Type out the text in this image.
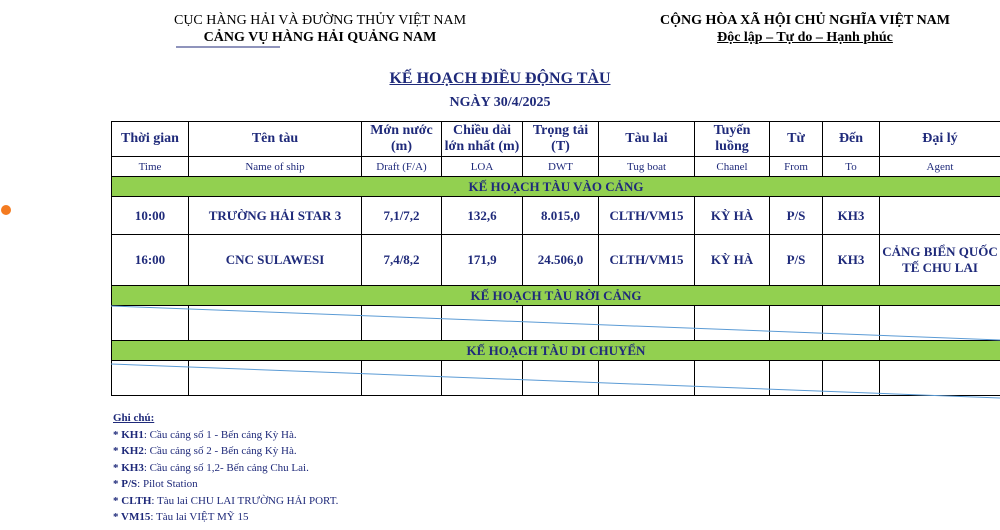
CỤC HÀNG HẢI VÀ ĐƯỜNG THỦY VIỆT NAM
CẢNG VỤ HÀNG HẢI QUẢNG NAM
CỘNG HÒA XÃ HỘI CHỦ NGHĨA VIỆT NAM
Độc lập – Tự do – Hạnh phúc
KẾ HOẠCH ĐIỀU ĐỘNG TÀU
NGÀY 30/4/2025
Thời gian	Tên tàu	Mớn nước (m)	Chiều dài lớn nhất (m)	Trọng tải (T)	Tàu lai	Tuyến luồng	Từ	Đến	Đại lý
Time	Name of ship	Draft (F/A)	LOA	DWT	Tug boat	Chanel	From	To	Agent
KẾ HOẠCH TÀU VÀO CẢNG									
10:00	TRƯỜNG HẢI STAR 3	7,1/7,2	132,6	8.015,0	CLTH/VM15	KỲ HÀ	P/S	KH3	
16:00	CNC SULAWESI	7,4/8,2	171,9	24.506,0	CLTH/VM15	KỲ HÀ	P/S	KH3	CẢNG BIỂN QUỐC TẾ CHU LAI
KẾ HOẠCH TÀU RỜI CẢNG									

KẾ HOẠCH TÀU DI CHUYỂN									

Ghi chú:
* KH1: Cầu cảng số 1 - Bến cảng Kỳ Hà.
* KH2: Cầu cảng số 2 - Bến cảng Kỳ Hà.
* KH3: Cầu cảng số 1,2- Bến cảng Chu Lai.
* P/S: Pilot Station
* CLTH: Tàu lai CHU LAI TRƯỜNG HẢI PORT.
* VM15: Tàu lai VIỆT MỸ 15
